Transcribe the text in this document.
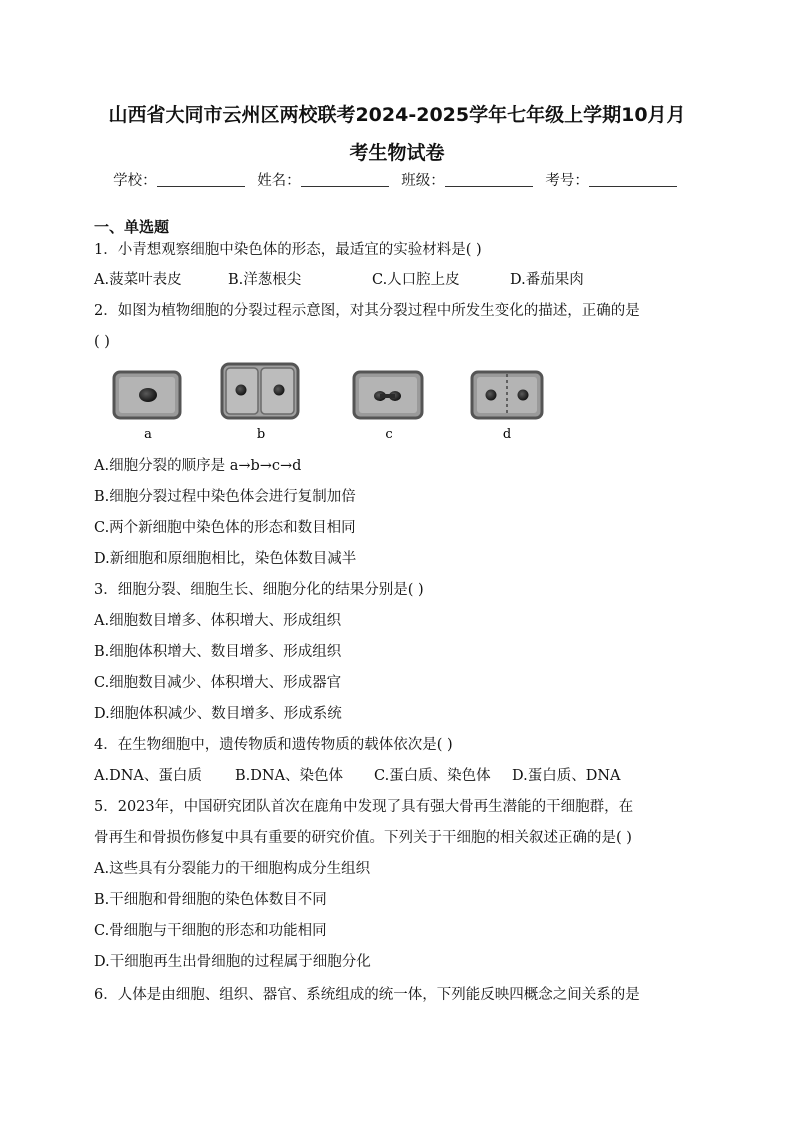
山西省大同市云州区两校联考2024-2025学年七年级上学期10月月
考生物试卷
学校：	姓名：	班级：	考号：
一、单选题
1．小青想观察细胞中染色体的形态，最适宜的实验材料是( )
A.菠菜叶表皮	B.洋葱根尖	C.人口腔上皮	D.番茄果肉
2．如图为植物细胞的分裂过程示意图，对其分裂过程中所发生变化的描述，正确的是
( )
a	b	c	d
A.细胞分裂的顺序是 a→b→c→d
B.细胞分裂过程中染色体会进行复制加倍
C.两个新细胞中染色体的形态和数目相同
D.新细胞和原细胞相比，染色体数目减半
3．细胞分裂、细胞生长、细胞分化的结果分别是( )
A.细胞数目增多、体积增大、形成组织
B.细胞体积增大、数目增多、形成组织
C.细胞数目减少、体积增大、形成器官
D.细胞体积减少、数目增多、形成系统
4．在生物细胞中，遗传物质和遗传物质的载体依次是( )
A.DNA、蛋白质 B.DNA、染色体 C.蛋白质、染色体 D.蛋白质、DNA
5．2023年，中国研究团队首次在鹿角中发现了具有强大骨再生潜能的干细胞群，在
骨再生和骨损伤修复中具有重要的研究价值。下列关于干细胞的相关叙述正确的是( )
A.这些具有分裂能力的干细胞构成分生组织
B.干细胞和骨细胞的染色体数目不同
C.骨细胞与干细胞的形态和功能相同
D.干细胞再生出骨细胞的过程属于细胞分化
6．人体是由细胞、组织、器官、系统组成的统一体，下列能反映四概念之间关系的是
